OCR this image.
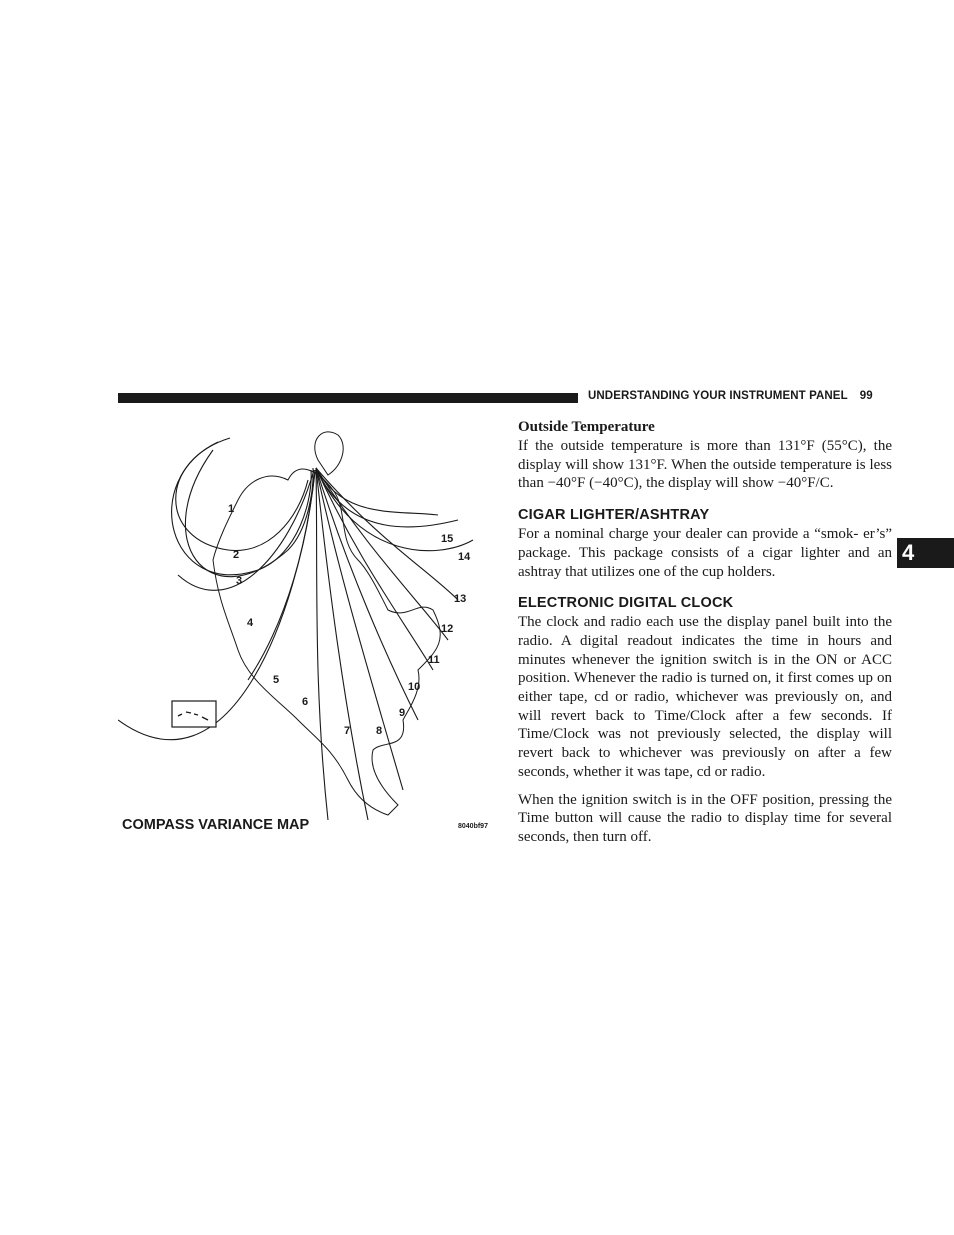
UNDERSTANDING YOUR INSTRUMENT PANEL 99
4
1
2
3
4
5
6
7 8
9
10
11
12
13
14
15
COMPASS VARIANCE MAP	8040bf97
Outside Temperature

If the outside temperature is more than 131°F (55°C), the display will show 131°F. When the outside temperature is less than −40°F (−40°C), the display will show −40°F/C.

CIGAR LIGHTER/ASHTRAY

For a nominal charge your dealer can provide a “smok- er’s” package. This package consists of a cigar lighter and an ashtray that utilizes one of the cup holders.

ELECTRONIC DIGITAL CLOCK

The clock and radio each use the display panel built into the radio. A digital readout indicates the time in hours and minutes whenever the ignition switch is in the ON or ACC position. Whenever the radio is turned on, it first comes up on either tape, cd or radio, whichever was previously on, and will revert back to Time/Clock after a few seconds. If Time/Clock was not previously selected, the display will revert back to whichever was previously on after a few seconds, whether it was tape, cd or radio.

When the ignition switch is in the OFF position, pressing the Time button will cause the radio to display time for several seconds, then turn off.
